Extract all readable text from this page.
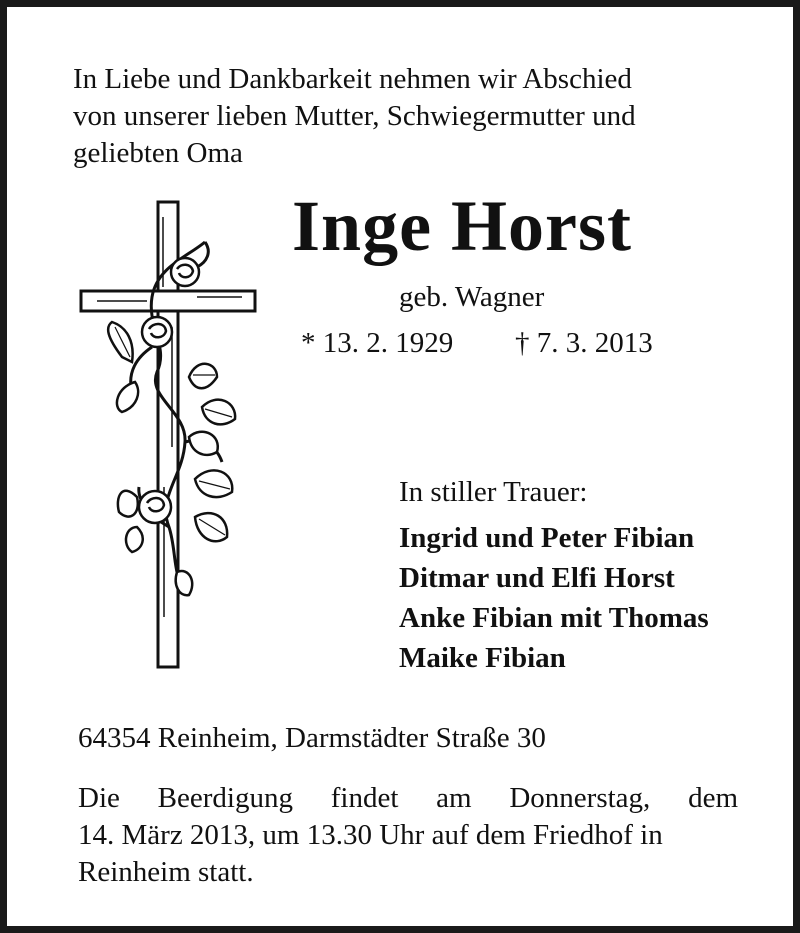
In Liebe und Dankbarkeit nehmen wir Abschied
von unserer lieben Mutter, Schwiegermutter und
geliebten Oma
Inge Horst
geb. Wagner
* 13. 2. 1929 † 7. 3. 2013
In stiller Trauer:
Ingrid und Peter Fibian
Ditmar und Elfi Horst
Anke Fibian mit Thomas
Maike Fibian
64354 Reinheim, Darmstädter Straße 30
Die Beerdigung findet am Donnerstag, dem
14. März 2013, um 13.30 Uhr auf dem Friedhof in
Reinheim statt.
